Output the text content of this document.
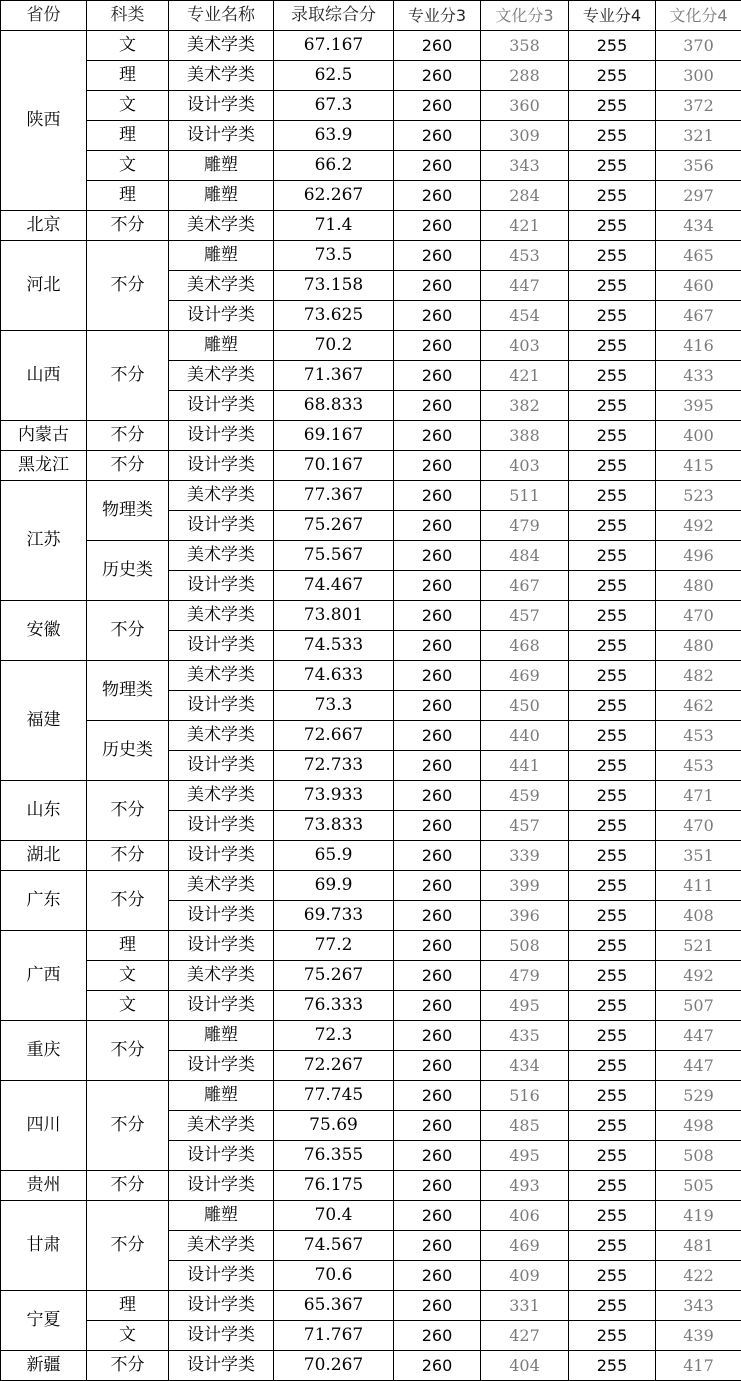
省份	科类	专业名称	录取综合分	专业分3	文化分3	专业分4	文化分4
陕西	文	美术学类	67.167	260	358	255	370
	理	美术学类	62.5	260	288	255	300
	文	设计学类	67.3	260	360	255	372
	理	设计学类	63.9	260	309	255	321
	文	雕塑	66.2	260	343	255	356
	理	雕塑	62.267	260	284	255	297
北京	不分	美术学类	71.4	260	421	255	434
河北	不分	雕塑	73.5	260	453	255	465
		美术学类	73.158	260	447	255	460
		设计学类	73.625	260	454	255	467
山西	不分	雕塑	70.2	260	403	255	416
		美术学类	71.367	260	421	255	433
		设计学类	68.833	260	382	255	395
内蒙古	不分	设计学类	69.167	260	388	255	400
黑龙江	不分	设计学类	70.167	260	403	255	415
江苏	物理类	美术学类	77.367	260	511	255	523
		设计学类	75.267	260	479	255	492
	历史类	美术学类	75.567	260	484	255	496
		设计学类	74.467	260	467	255	480
安徽	不分	美术学类	73.801	260	457	255	470
		设计学类	74.533	260	468	255	480
福建	物理类	美术学类	74.633	260	469	255	482
		设计学类	73.3	260	450	255	462
	历史类	美术学类	72.667	260	440	255	453
		设计学类	72.733	260	441	255	453
山东	不分	美术学类	73.933	260	459	255	471
		设计学类	73.833	260	457	255	470
湖北	不分	设计学类	65.9	260	339	255	351
广东	不分	美术学类	69.9	260	399	255	411
		设计学类	69.733	260	396	255	408
广西	理	设计学类	77.2	260	508	255	521
	文	美术学类	75.267	260	479	255	492
	文	设计学类	76.333	260	495	255	507
重庆	不分	雕塑	72.3	260	435	255	447
		设计学类	72.267	260	434	255	447
四川	不分	雕塑	77.745	260	516	255	529
		美术学类	75.69	260	485	255	498
		设计学类	76.355	260	495	255	508
贵州	不分	设计学类	76.175	260	493	255	505
甘肃	不分	雕塑	70.4	260	406	255	419
		美术学类	74.567	260	469	255	481
		设计学类	70.6	260	409	255	422
宁夏	理	设计学类	65.367	260	331	255	343
	文	设计学类	71.767	260	427	255	439
新疆	不分	设计学类	70.267	260	404	255	417
